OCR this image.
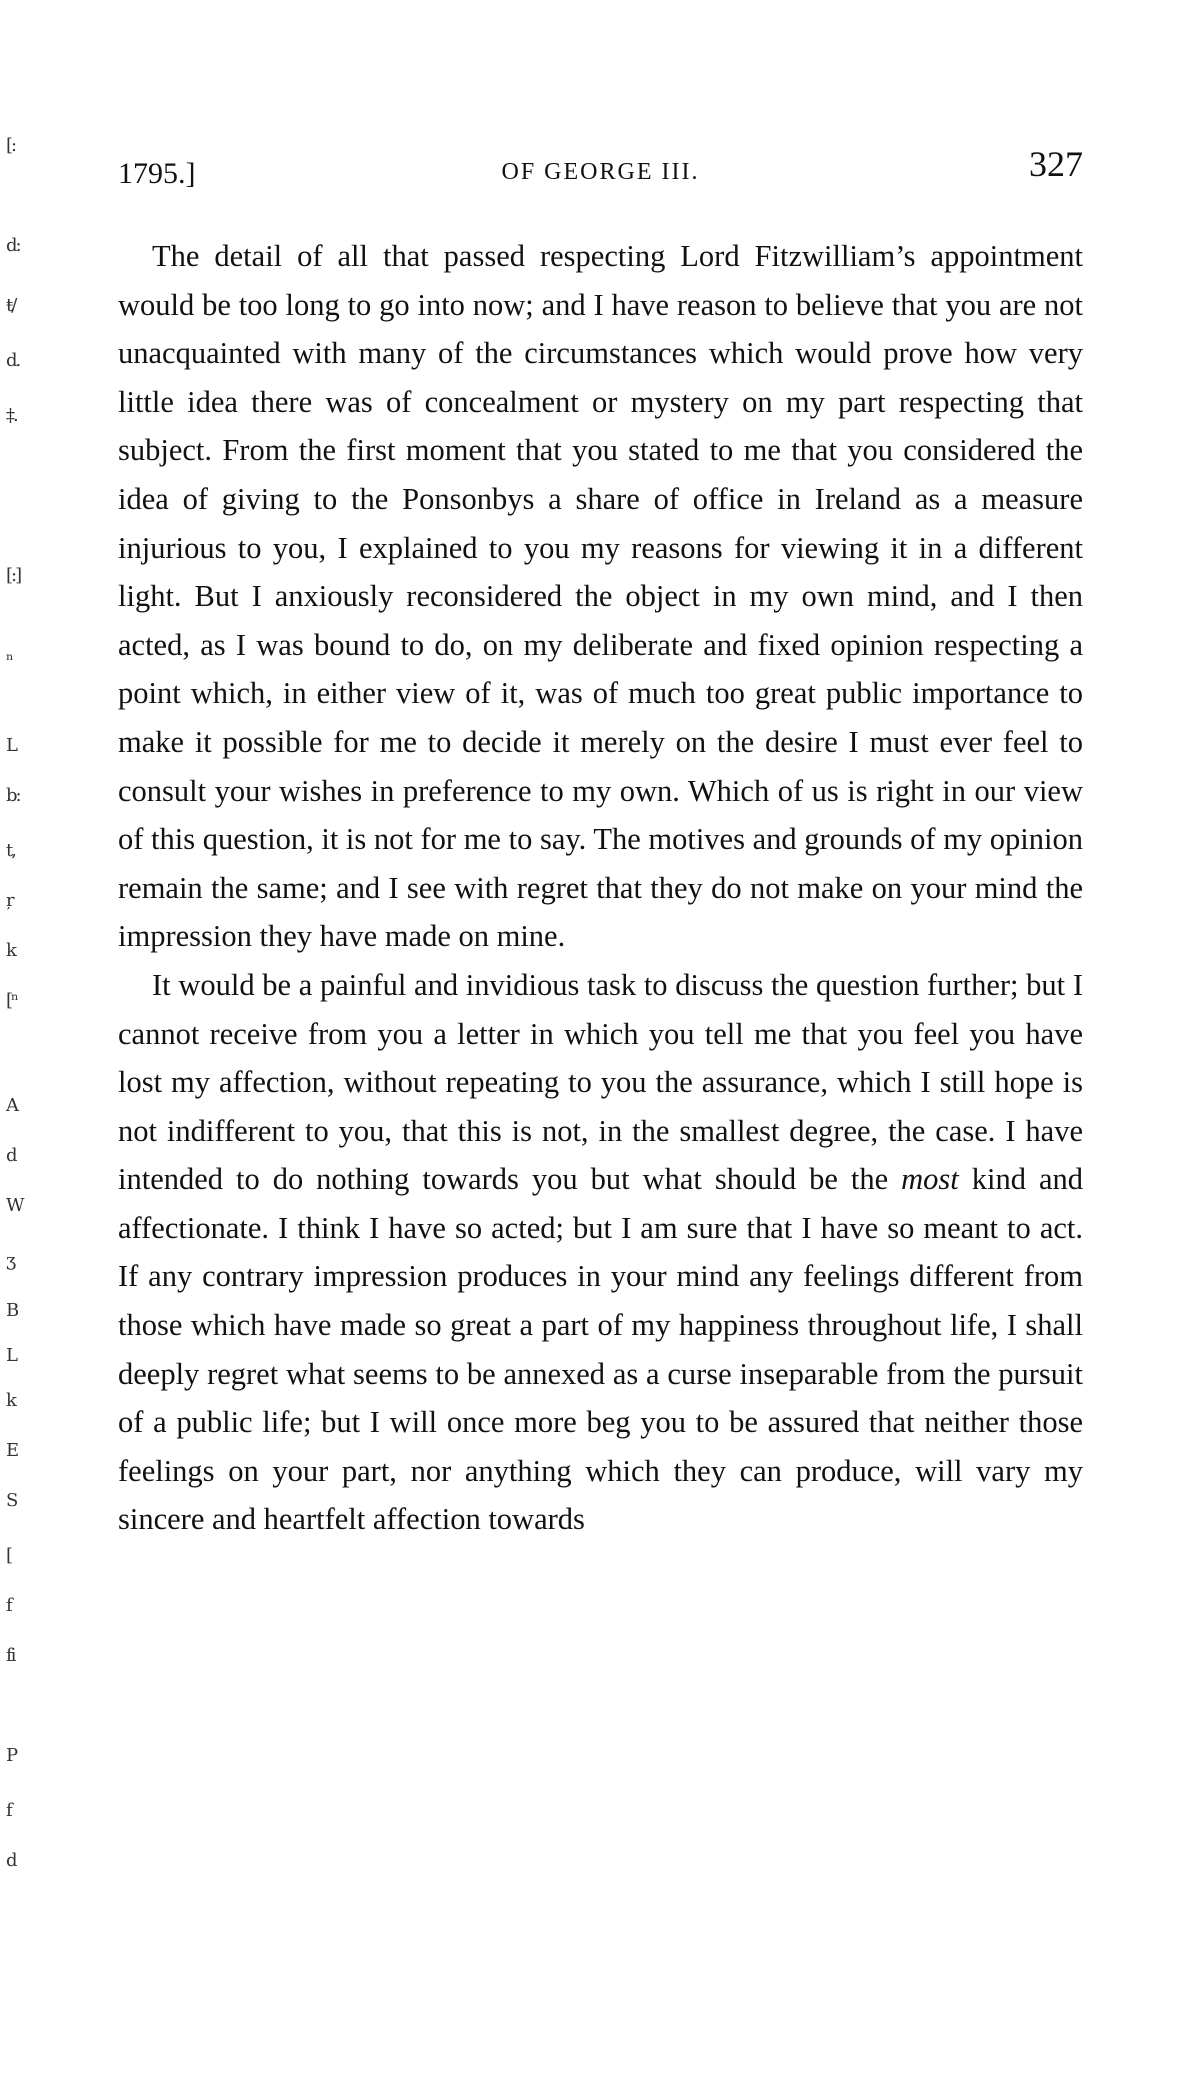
[:
d:
ŧ/
d.
‡.
[:]
ⁿ
L
b:
t,
ŗ
k
[ⁿ
A
d
W
ʒ
B
L
k
E
S
[
f
fi
P
f
d
1795.]	OF GEORGE III.	327

The detail of all that passed respecting Lord Fitzwilliam’s appointment would be too long to go into now; and I have reason to believe that you are not unacquainted with many of the circumstances which would prove how very little idea there was of concealment or mystery on my part respecting that subject. From the first moment that you stated to me that you considered the idea of giving to the Ponsonbys a share of office in Ireland as a measure injurious to you, I explained to you my reasons for viewing it in a different light. But I anxiously reconsidered the object in my own mind, and I then acted, as I was bound to do, on my deliberate and fixed opinion respecting a point which, in either view of it, was of much too great public importance to make it possible for me to decide it merely on the desire I must ever feel to consult your wishes in preference to my own. Which of us is right in our view of this question, it is not for me to say. The motives and grounds of my opinion remain the same; and I see with regret that they do not make on your mind the impression they have made on mine.

It would be a painful and invidious task to discuss the question further; but I cannot receive from you a letter in which you tell me that you feel you have lost my affection, without repeating to you the assurance, which I still hope is not indifferent to you, that this is not, in the smallest degree, the case. I have intended to do nothing towards you but what should be the most kind and affectionate. I think I have so acted; but I am sure that I have so meant to act. If any contrary impression produces in your mind any feelings different from those which have made so great a part of my happiness throughout life, I shall deeply regret what seems to be annexed as a curse inseparable from the pursuit of a public life; but I will once more beg you to be assured that neither those feelings on your part, nor anything which they can produce, will vary my sincere and heartfelt affection towards
